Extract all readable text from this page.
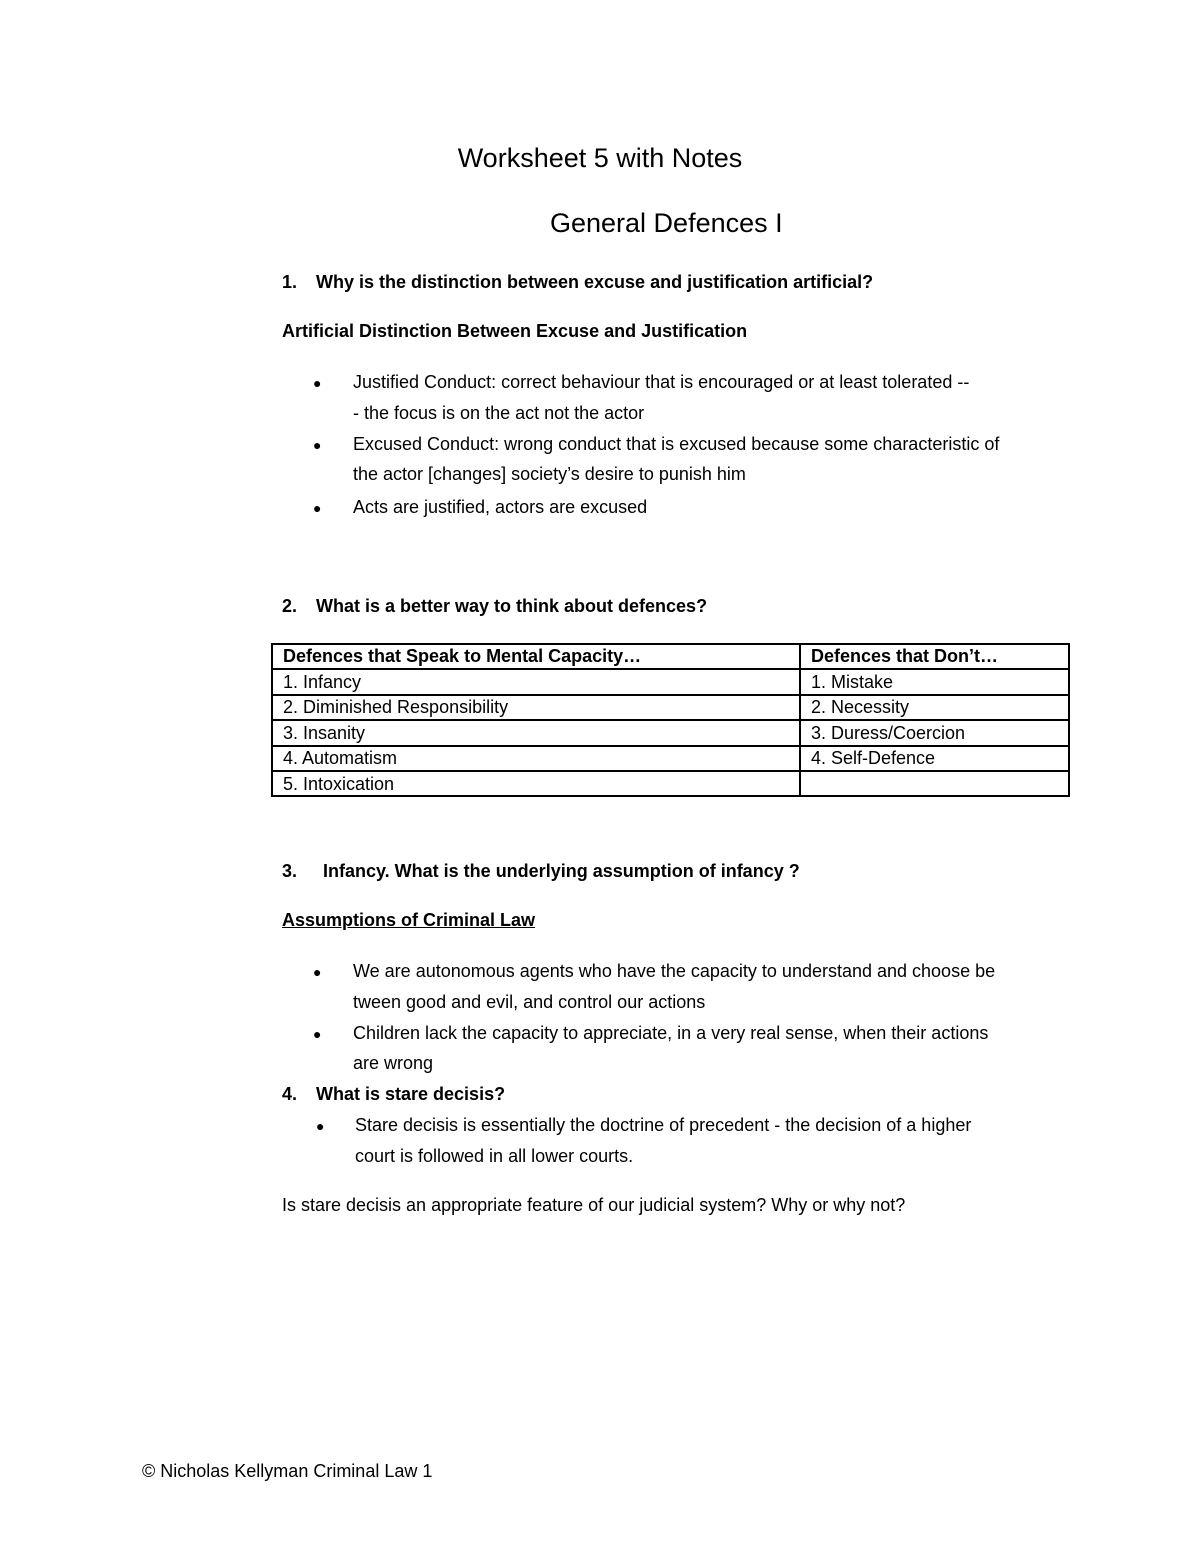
Worksheet 5 with Notes
General Defences I
1. Why is the distinction between excuse and justification artificial?
Artificial Distinction Between Excuse and Justification
● Justified Conduct: correct behaviour that is encouraged or at least tolerated --
- the focus is on the act not the actor
● Excused Conduct: wrong conduct that is excused because some characteristic of
the actor [changes] society’s desire to punish him
● Acts are justified, actors are excused
2. What is a better way to think about defences?
Defences that Speak to Mental Capacity…	Defences that Don’t…
1. Infancy	1. Mistake
2. Diminished Responsibility	2. Necessity
3. Insanity	3. Duress/Coercion
4. Automatism	4. Self-Defence
5. Intoxication	
3. Infancy. What is the underlying assumption of infancy ?
Assumptions of Criminal Law
● We are autonomous agents who have the capacity to understand and choose be
tween good and evil, and control our actions
● Children lack the capacity to appreciate, in a very real sense, when their actions
are wrong
4. What is stare decisis?
● Stare decisis is essentially the doctrine of precedent - the decision of a higher
court is followed in all lower courts.
Is stare decisis an appropriate feature of our judicial system? Why or why not?
© Nicholas Kellyman Criminal Law 1
